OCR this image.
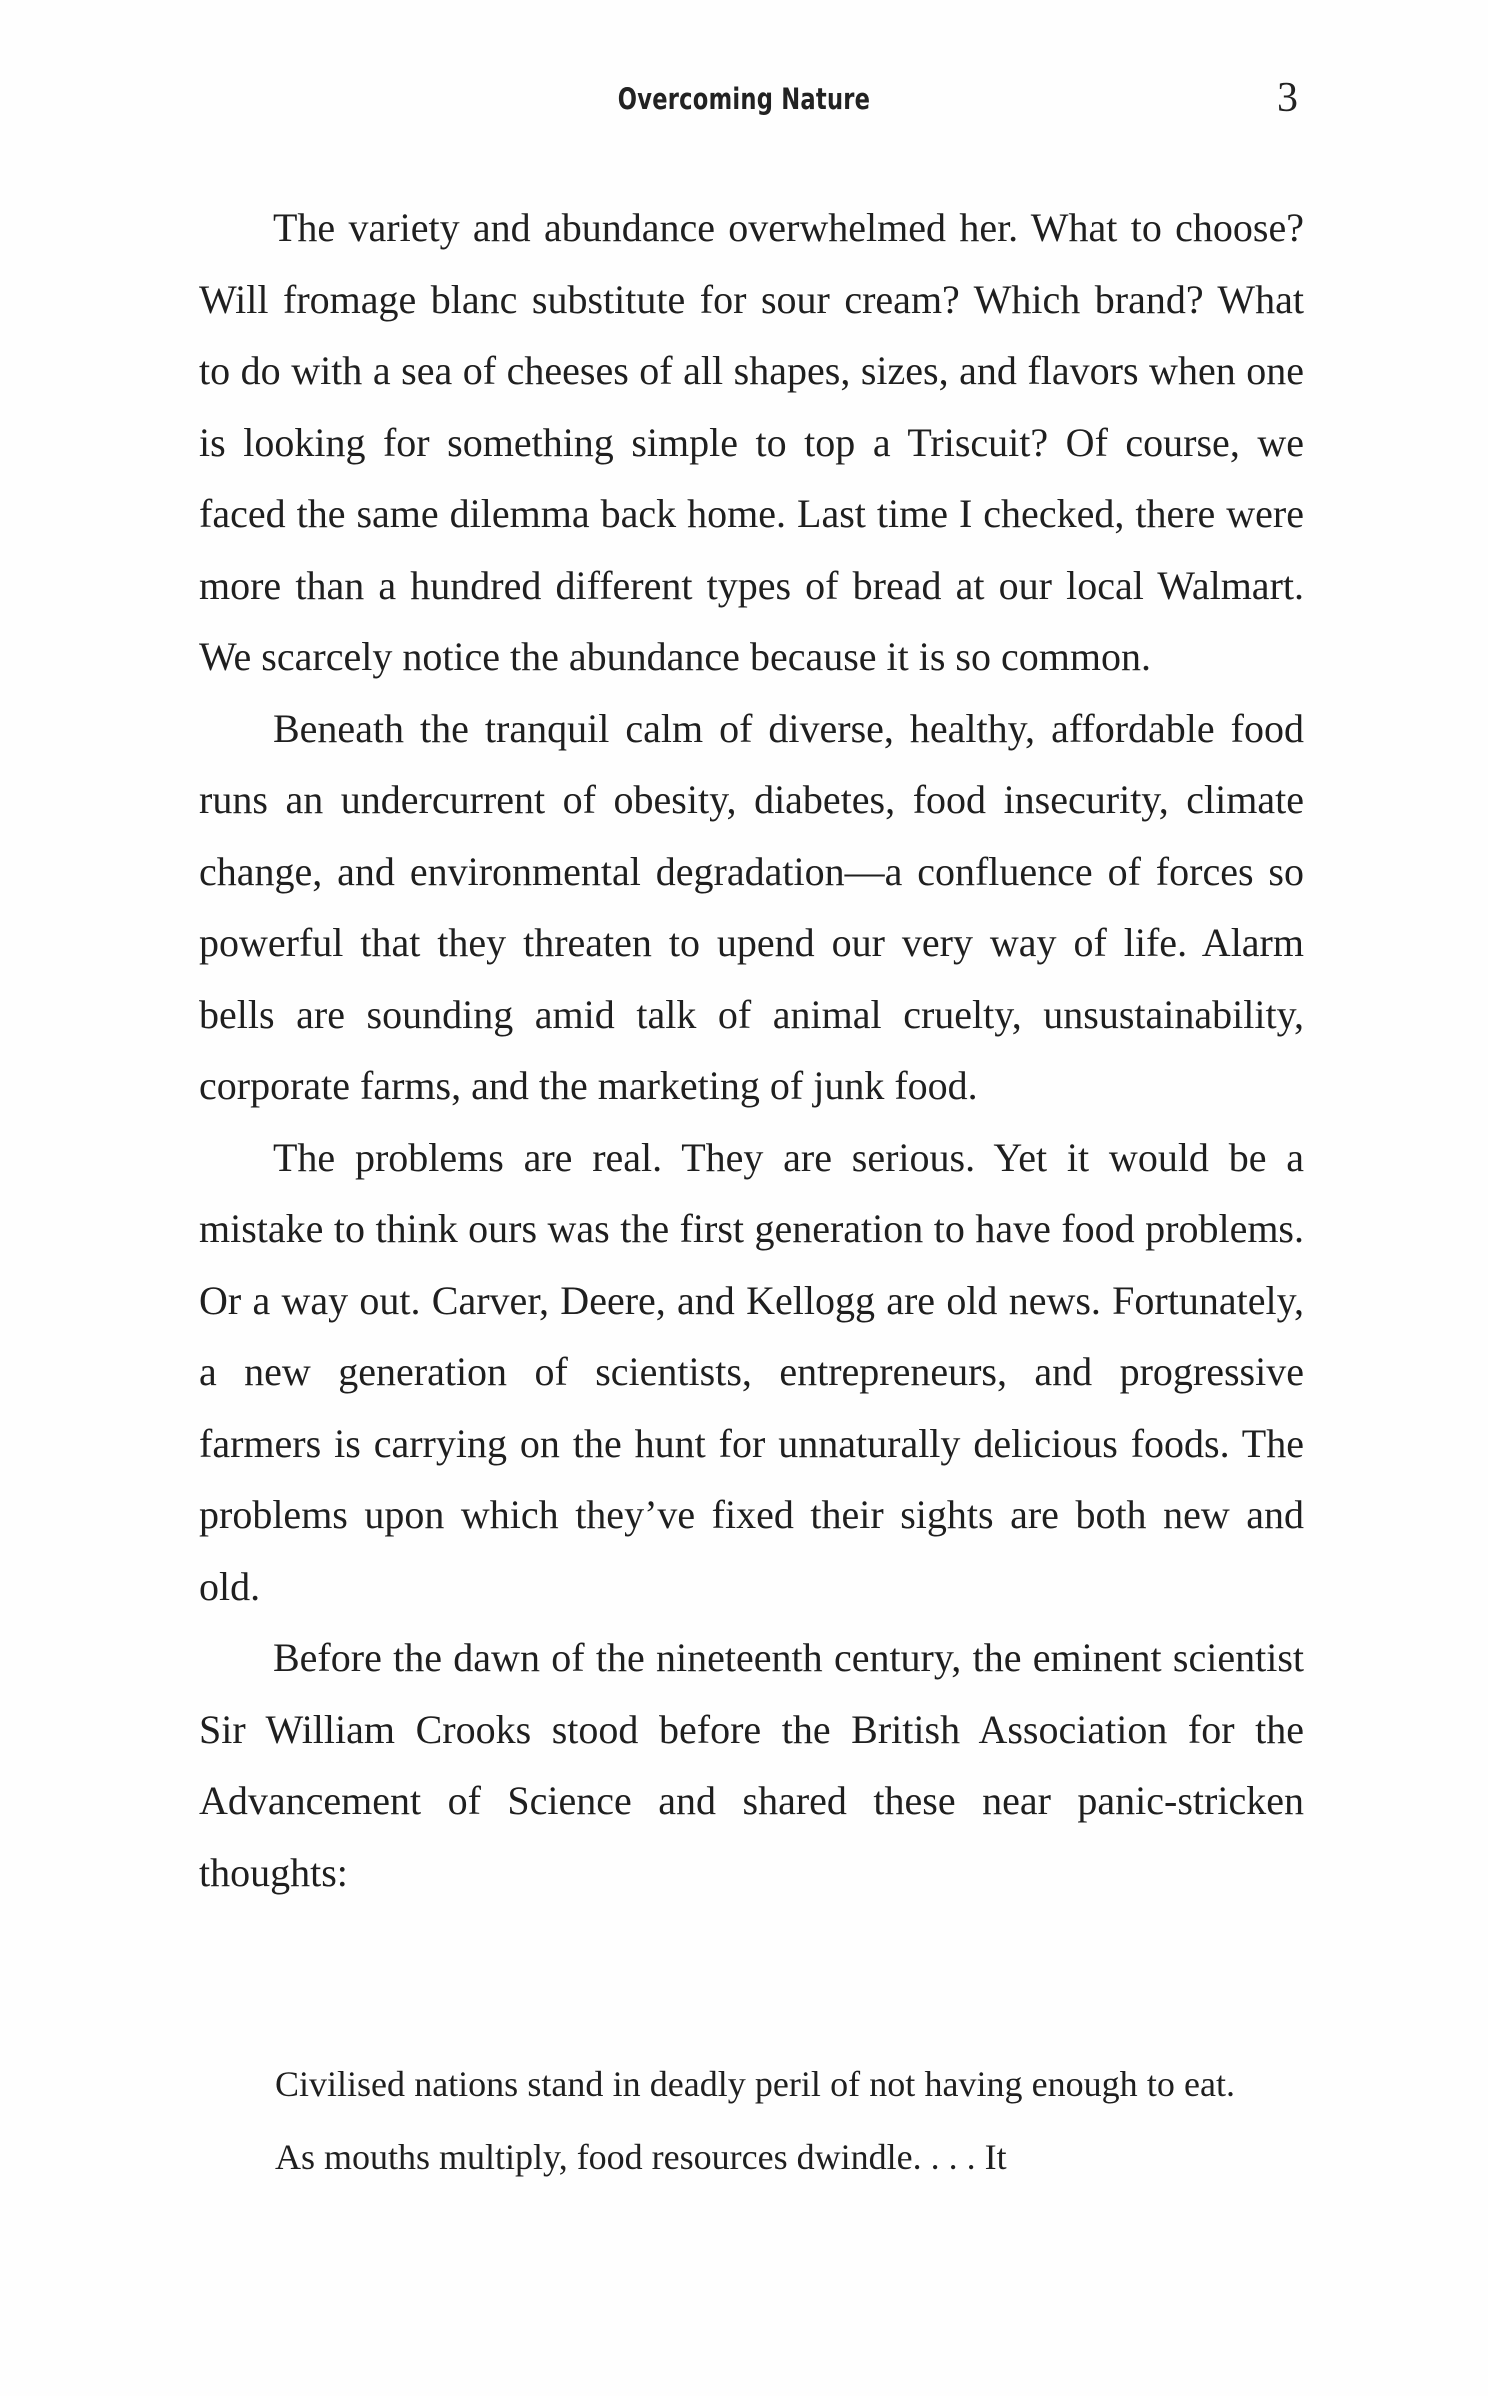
Overcoming Nature	3

The variety and abundance overwhelmed her. What to choose? Will fromage blanc substitute for sour cream? Which brand? What to do with a sea of cheeses of all shapes, sizes, and flavors when one is looking for something simple to top a Triscuit? Of course, we faced the same dilemma back home. Last time I checked, there were more than a hundred different types of bread at our local Walmart. We scarcely notice the abundance because it is so common.

Beneath the tranquil calm of diverse, healthy, affordable food runs an undercurrent of obesity, diabetes, food insecurity, climate change, and environmental degradation—a confluence of forces so powerful that they threaten to upend our very way of life. Alarm bells are sounding amid talk of animal cruelty, unsustainability, corporate farms, and the marketing of junk food.

The problems are real. They are serious. Yet it would be a mistake to think ours was the first generation to have food problems. Or a way out. Carver, Deere, and Kellogg are old news. Fortunately, a new generation of scientists, entrepreneurs, and progressive farmers is carrying on the hunt for unnaturally delicious foods. The problems upon which they’ve fixed their sights are both new and old.

Before the dawn of the nineteenth century, the eminent scientist Sir William Crooks stood before the British Association for the Advancement of Science and shared these near panic-stricken thoughts:

Civilised nations stand in deadly peril of not having enough to eat. As mouths multiply, food resources dwindle. . . . It
